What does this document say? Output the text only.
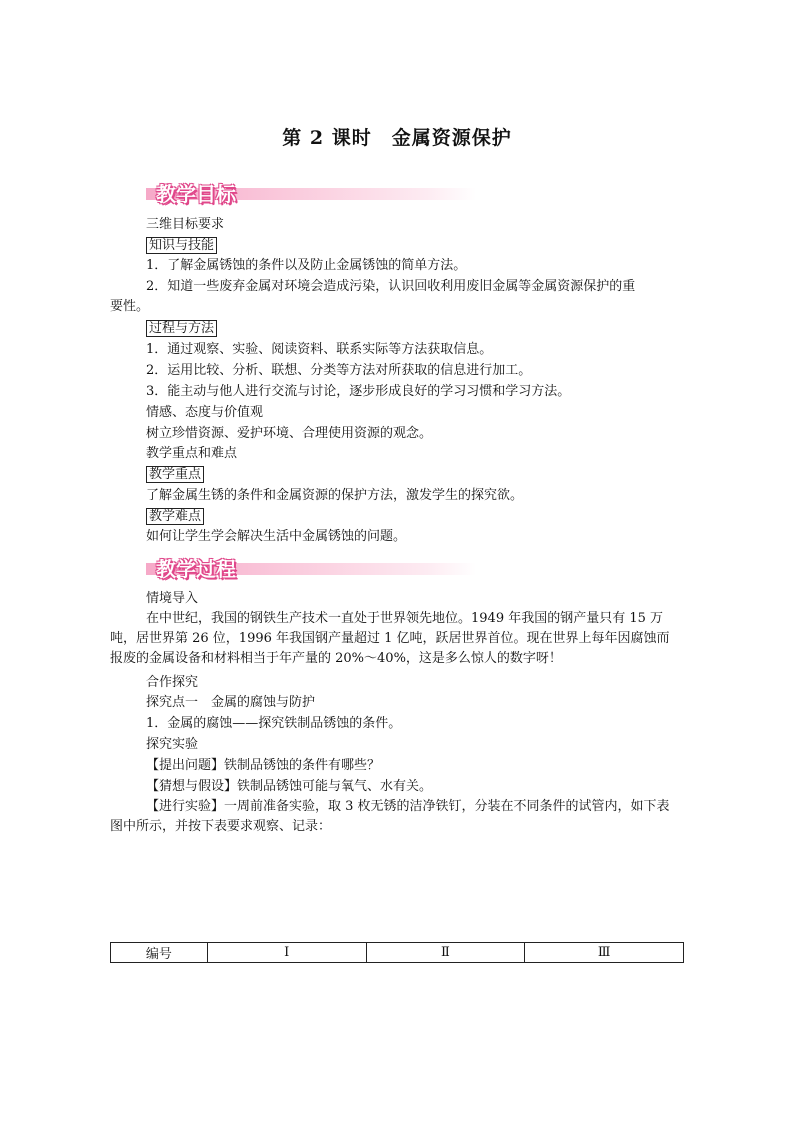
第 2 课时 金属资源保护
教学目标
三维目标要求
知识与技能
1．了解金属锈蚀的条件以及防止金属锈蚀的简单方法。
2．知道一些废弃金属对环境会造成污染，认识回收利用废旧金属等金属资源保护的重
要性。
过程与方法
1．通过观察、实验、阅读资料、联系实际等方法获取信息。
2．运用比较、分析、联想、分类等方法对所获取的信息进行加工。
3．能主动与他人进行交流与讨论，逐步形成良好的学习习惯和学习方法。
情感、态度与价值观
树立珍惜资源、爱护环境、合理使用资源的观念。
教学重点和难点
教学重点
了解金属生锈的条件和金属资源的保护方法，激发学生的探究欲。
教学难点
如何让学生学会解决生活中金属锈蚀的问题。
教学过程
情境导入
在中世纪，我国的钢铁生产技术一直处于世界领先地位。1949 年我国的钢产量只有 15 万吨，居世界第 26 位，1996 年我国钢产量超过 1 亿吨，跃居世界首位。现在世界上每年因腐蚀而报废的金属设备和材料相当于年产量的 20%～40%，这是多么惊人的数字呀！
合作探究
探究点一　金属的腐蚀与防护
1．金属的腐蚀——探究铁制品锈蚀的条件。
探究实验
【提出问题】铁制品锈蚀的条件有哪些？
【猜想与假设】铁制品锈蚀可能与氧气、水有关。
【进行实验】一周前准备实验，取 3 枚无锈的洁净铁钉，分装在不同条件的试管内，如下表图中所示，并按下表要求观察、记录：
编号	Ⅰ	Ⅱ	Ⅲ
